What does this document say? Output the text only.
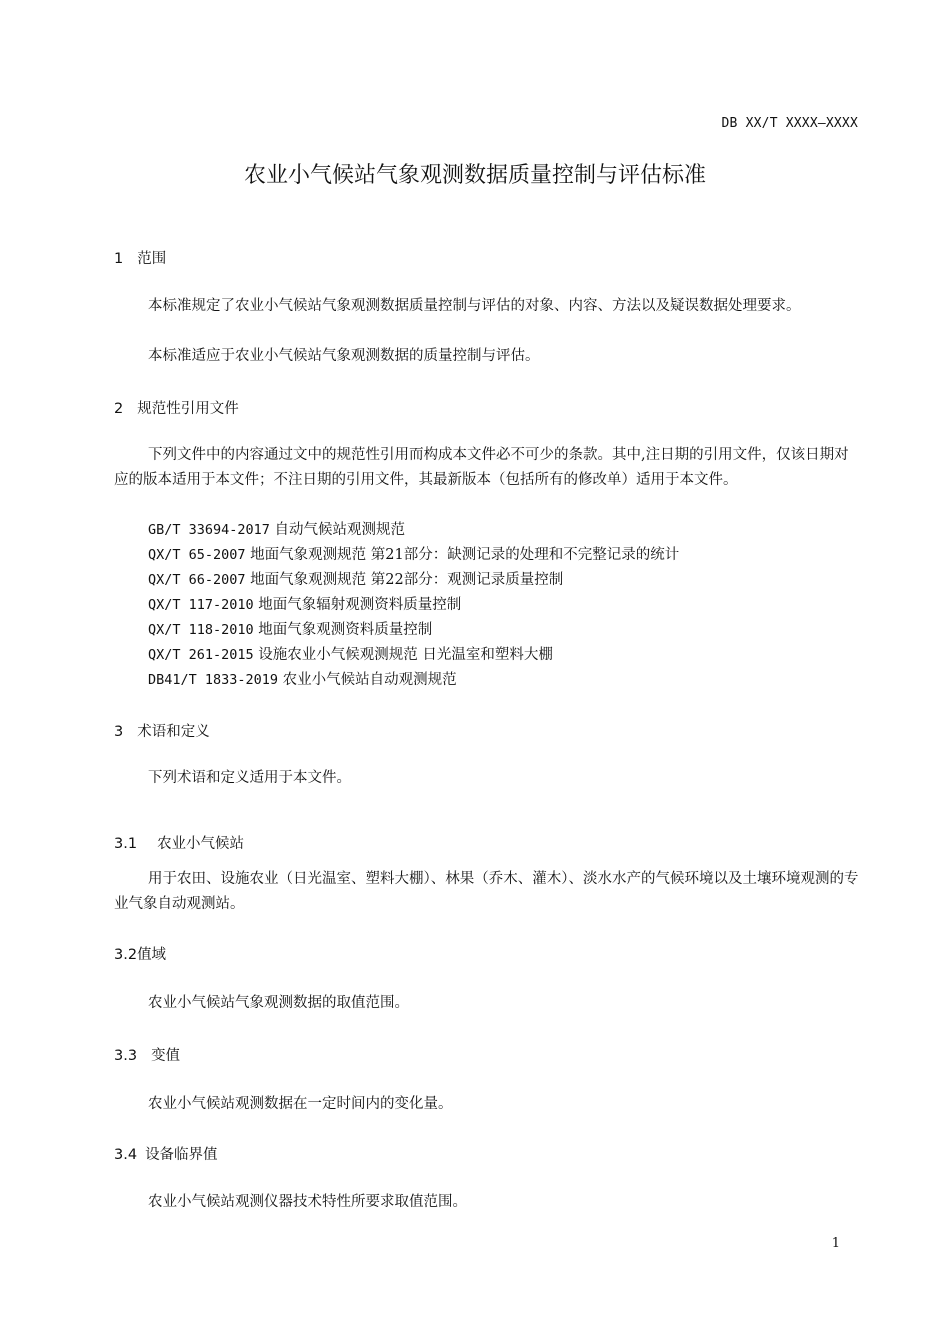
DB XX/T XXXX—XXXX
农业小气候站气象观测数据质量控制与评估标准
1 范围
本标准规定了农业小气候站气象观测数据质量控制与评估的对象、内容、方法以及疑误数据处理要求。
本标准适应于农业小气候站气象观测数据的质量控制与评估。
2 规范性引用文件
下列文件中的内容通过文中的规范性引用而构成本文件必不可少的条款。其中,注日期的引用文件，仅该日期对应的版本适用于本文件；不注日期的引用文件，其最新版本（包括所有的修改单）适用于本文件。
GB/T 33694-2017 自动气候站观测规范
QX/T 65-2007 地面气象观测规范 第21部分：缺测记录的处理和不完整记录的统计
QX/T 66-2007 地面气象观测规范 第22部分：观测记录质量控制
QX/T 117-2010 地面气象辐射观测资料质量控制
QX/T 118-2010 地面气象观测资料质量控制
QX/T 261-2015 设施农业小气候观测规范 日光温室和塑料大棚
DB41/T 1833-2019 农业小气候站自动观测规范
3 术语和定义
下列术语和定义适用于本文件。
3.1 农业小气候站
用于农田、设施农业（日光温室、塑料大棚）、林果（乔木、灌木）、淡水水产的气候环境以及土壤环境观测的专业气象自动观测站。
3.2值域
农业小气候站气象观测数据的取值范围。
3.3 变值
农业小气候站观测数据在一定时间内的变化量。
3.4 设备临界值
农业小气候站观测仪器技术特性所要求取值范围。
1
